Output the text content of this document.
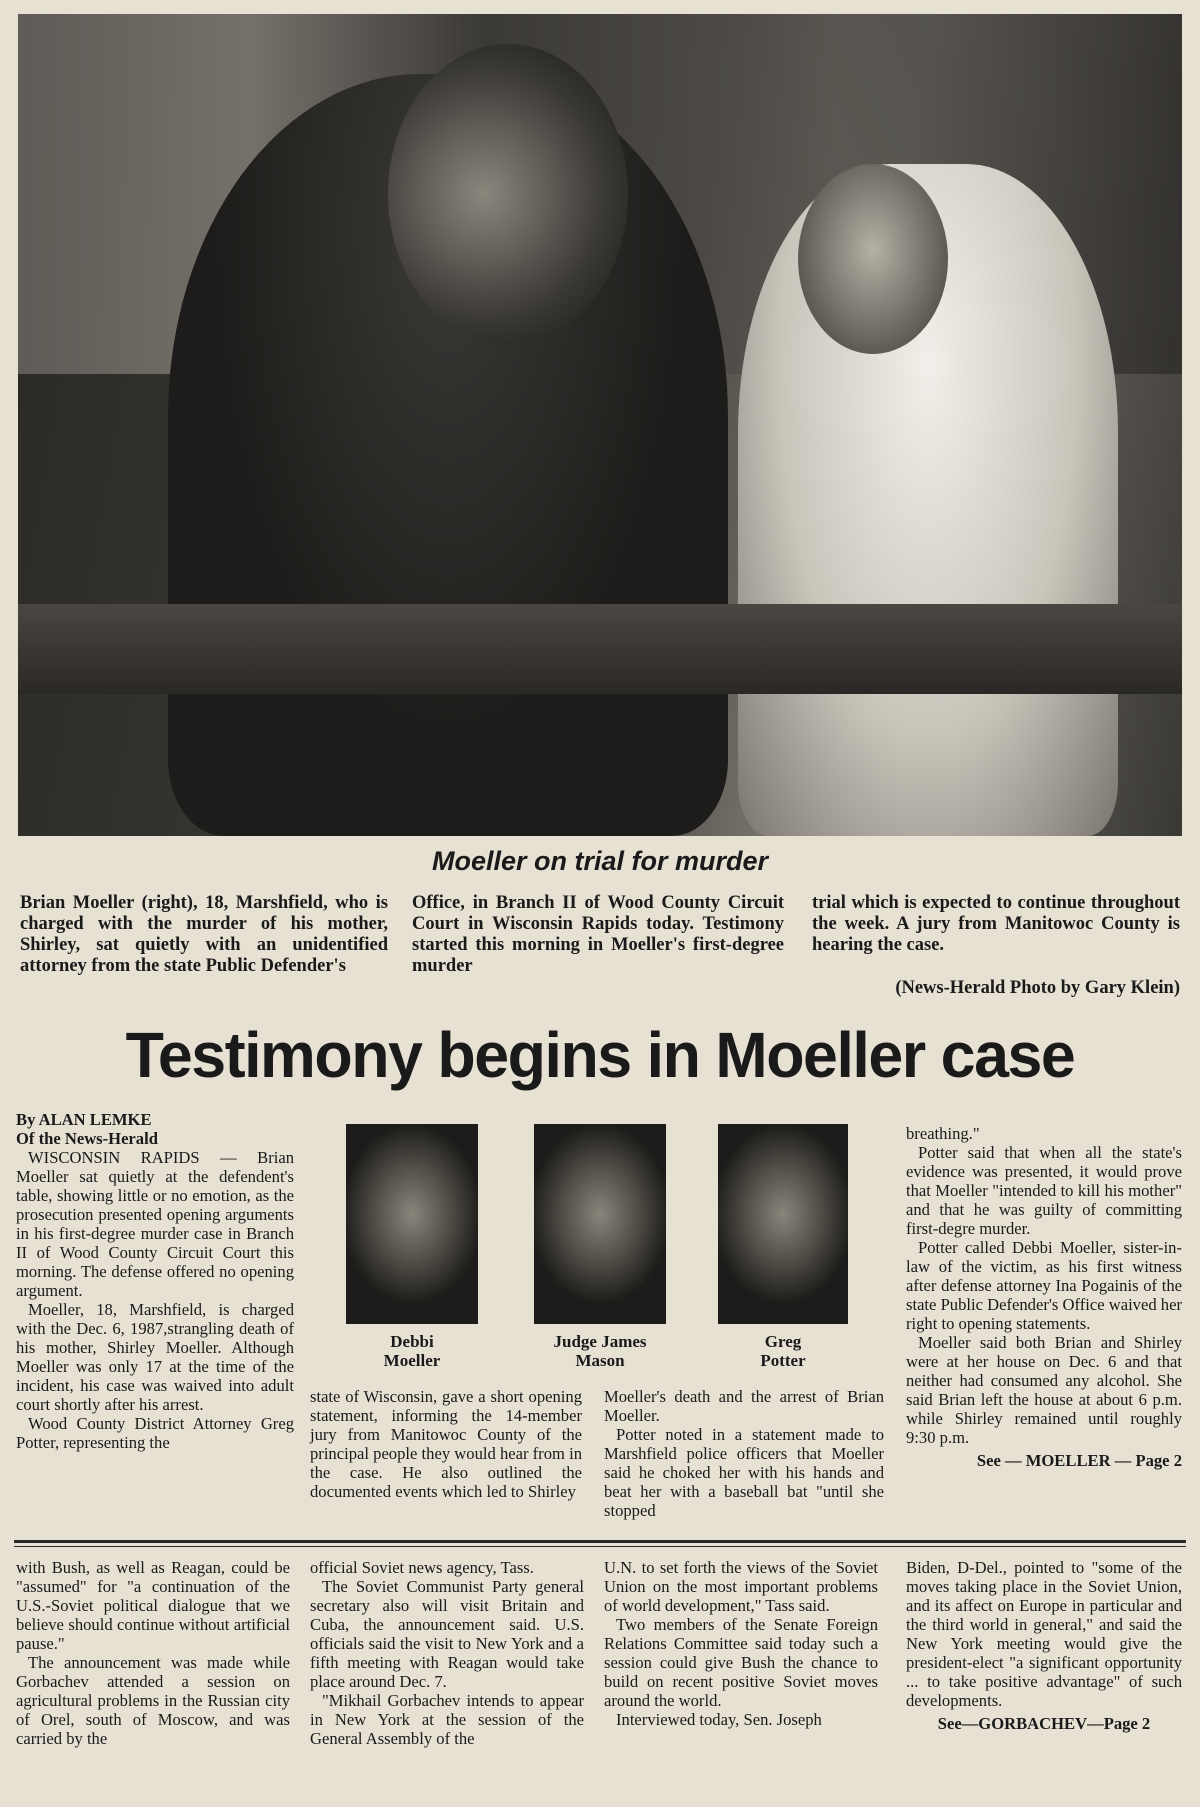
Moeller on trial for murder
Brian Moeller (right), 18, Marshfield, who is charged with the murder of his mother, Shirley, sat quietly with an unidentified attorney from the state Public Defender's
Office, in Branch II of Wood County Circuit Court in Wisconsin Rapids today. Testimony started this morning in Moeller's first-degree murder
trial which is expected to continue throughout the week. A jury from Manitowoc County is hearing the case.
(News-Herald Photo by Gary Klein)
Testimony begins in Moeller case

By ALAN LEMKE

Of the News-Herald

WISCONSIN RAPIDS — Brian Moeller sat quietly at the defendent's table, showing little or no emotion, as the prosecution presented opening arguments in his first-degree murder case in Branch II of Wood County Circuit Court this morning. The defense offered no opening argument.

Moeller, 18, Marshfield, is charged with the Dec. 6, 1987,strangling death of his mother, Shirley Moeller. Although Moeller was only 17 at the time of the incident, his case was waived into adult court shortly after his arrest.

Wood County District Attorney Greg Potter, representing the

Debbi
Moeller
Judge James
Mason
Greg
Potter

state of Wisconsin, gave a short opening statement, informing the 14-member jury from Manitowoc County of the principal people they would hear from in the case. He also outlined the documented events which led to Shirley

Moeller's death and the arrest of Brian Moeller.

Potter noted in a statement made to Marshfield police officers that Moeller said he choked her with his hands and beat her with a baseball bat "until she stopped

breathing."

Potter said that when all the state's evidence was presented, it would prove that Moeller "intended to kill his mother" and that he was guilty of committing first-degre murder.

Potter called Debbi Moeller, sister-in-law of the victim, as his first witness after defense attorney Ina Pogainis of the state Public Defender's Office waived her right to opening statements.

Moeller said both Brian and Shirley were at her house on Dec. 6 and that neither had consumed any alcohol. She said Brian left the house at about 6 p.m. while Shirley remained until roughly 9:30 p.m.

See — MOELLER — Page 2

with Bush, as well as Reagan, could be "assumed" for "a continuation of the U.S.-Soviet political dialogue that we believe should continue without artificial pause."

The announcement was made while Gorbachev attended a session on agricultural problems in the Russian city of Orel, south of Moscow, and was carried by the

official Soviet news agency, Tass.

The Soviet Communist Party general secretary also will visit Britain and Cuba, the announcement said. U.S. officials said the visit to New York and a fifth meeting with Reagan would take place around Dec. 7.

"Mikhail Gorbachev intends to appear in New York at the session of the General Assembly of the

U.N. to set forth the views of the Soviet Union on the most important problems of world development," Tass said.

Two members of the Senate Foreign Relations Committee said today such a session could give Bush the chance to build on recent positive Soviet moves around the world.

Interviewed today, Sen. Joseph

Biden, D-Del., pointed to "some of the moves taking place in the Soviet Union, and its affect on Europe in particular and the third world in general," and said the New York meeting would give the president-elect "a significant opportunity ... to take positive advantage" of such developments.

See—GORBACHEV—Page 2
